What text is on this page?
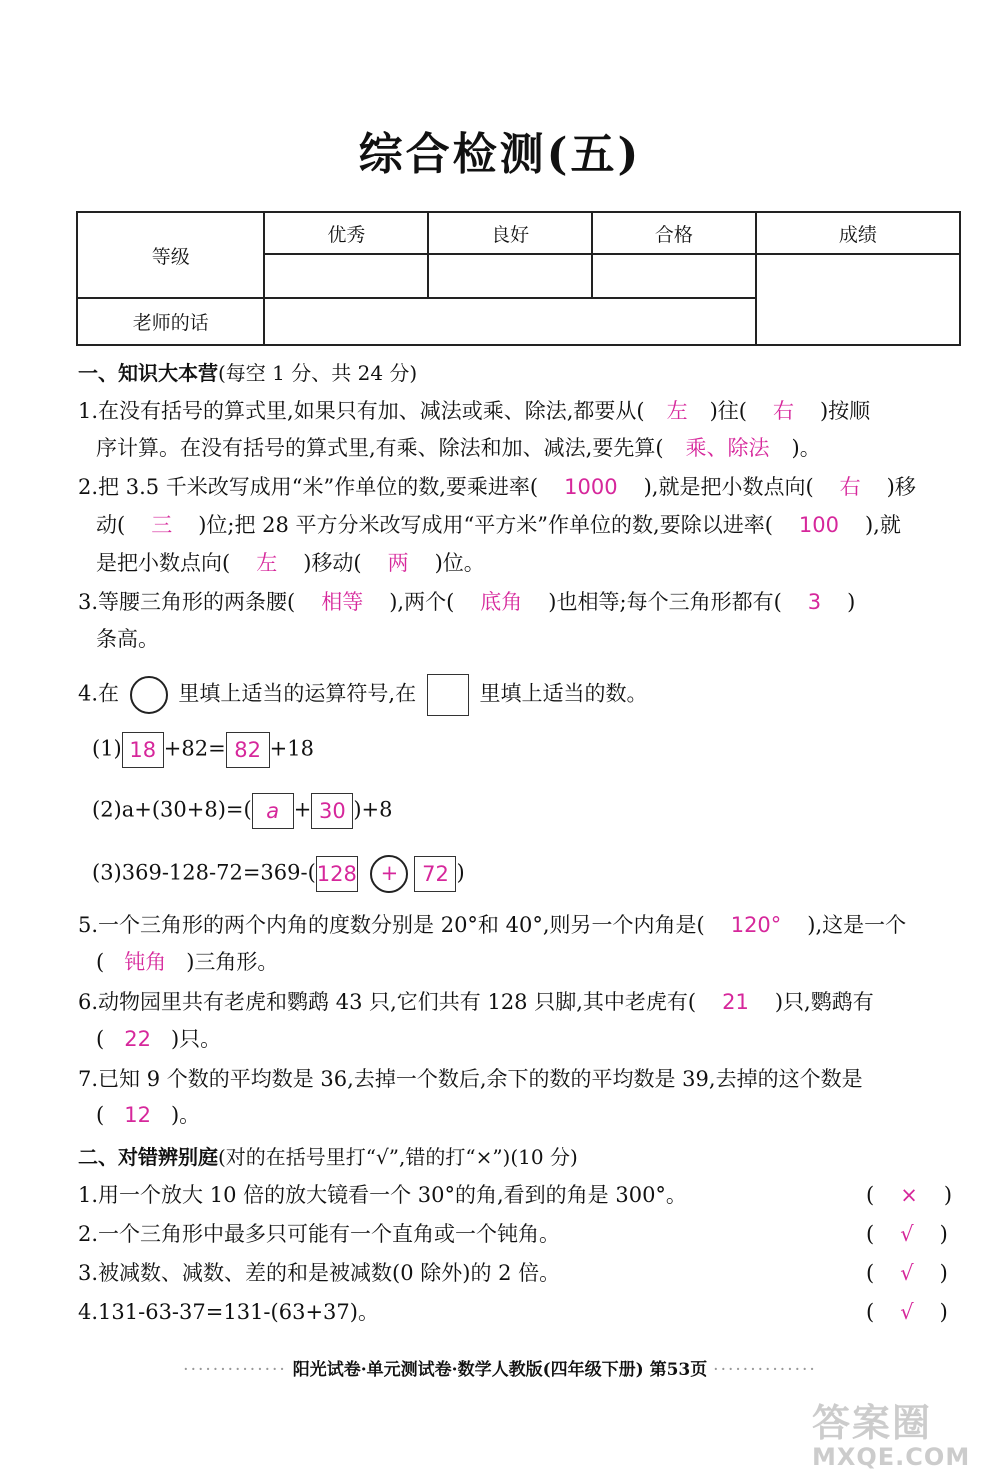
综合检测(五)
等级	优秀	良好	合格	成绩

老师的话				
一、知识大本营(每空 1 分、共 24 分)
1.在没有括号的算式里,如果只有加、减法或乘、除法,都要从( 左 )往( 右 )按顺
序计算。在没有括号的算式里,有乘、除法和加、减法,要先算( 乘、除法 )。
2.把 3.5 千米改写成用“米”作单位的数,要乘进率( 1000 ),就是把小数点向( 右 )移
动( 三 )位;把 28 平方分米改写成用“平方米”作单位的数,要除以进率( 100 ),就
是把小数点向( 左 )移动( 两 )位。
3.等腰三角形的两条腰( 相等 ),两个( 底角 )也相等;每个三角形都有( 3 )
条高。
4.在	里填上适当的运算符号,在	里填上适当的数。
(1) 18 +82= 82 +18
(2)a+(30+8)=( a + 30 )+8
(3)369-128-72=369-(128 + 72 )
5.一个三角形的两个内角的度数分别是 20°和 40°,则另一个内角是( 120° ),这是一个
( 钝角 )三角形。
6.动物园里共有老虎和鹦鹉 43 只,它们共有 128 只脚,其中老虎有( 21 )只,鹦鹉有
( 22 )只。
7.已知 9 个数的平均数是 36,去掉一个数后,余下的数的平均数是 39,去掉的这个数是
( 12 )。
二、对错辨别庭(对的在括号里打“√”,错的打“×”)(10 分)
1.用一个放大 10 倍的放大镜看一个 30°的角,看到的角是 300°。	( × )
2.一个三角形中最多只可能有一个直角或一个钝角。	( √ )
3.被减数、减数、差的和是被减数(0 除外)的 2 倍。	( √ )
4.131-63-37=131-(63+37)。	( √ )
·············· 阳光试卷·单元测试卷·数学人教版(四年级下册) 第53页 ··············
答案圈
MXQE.COM
